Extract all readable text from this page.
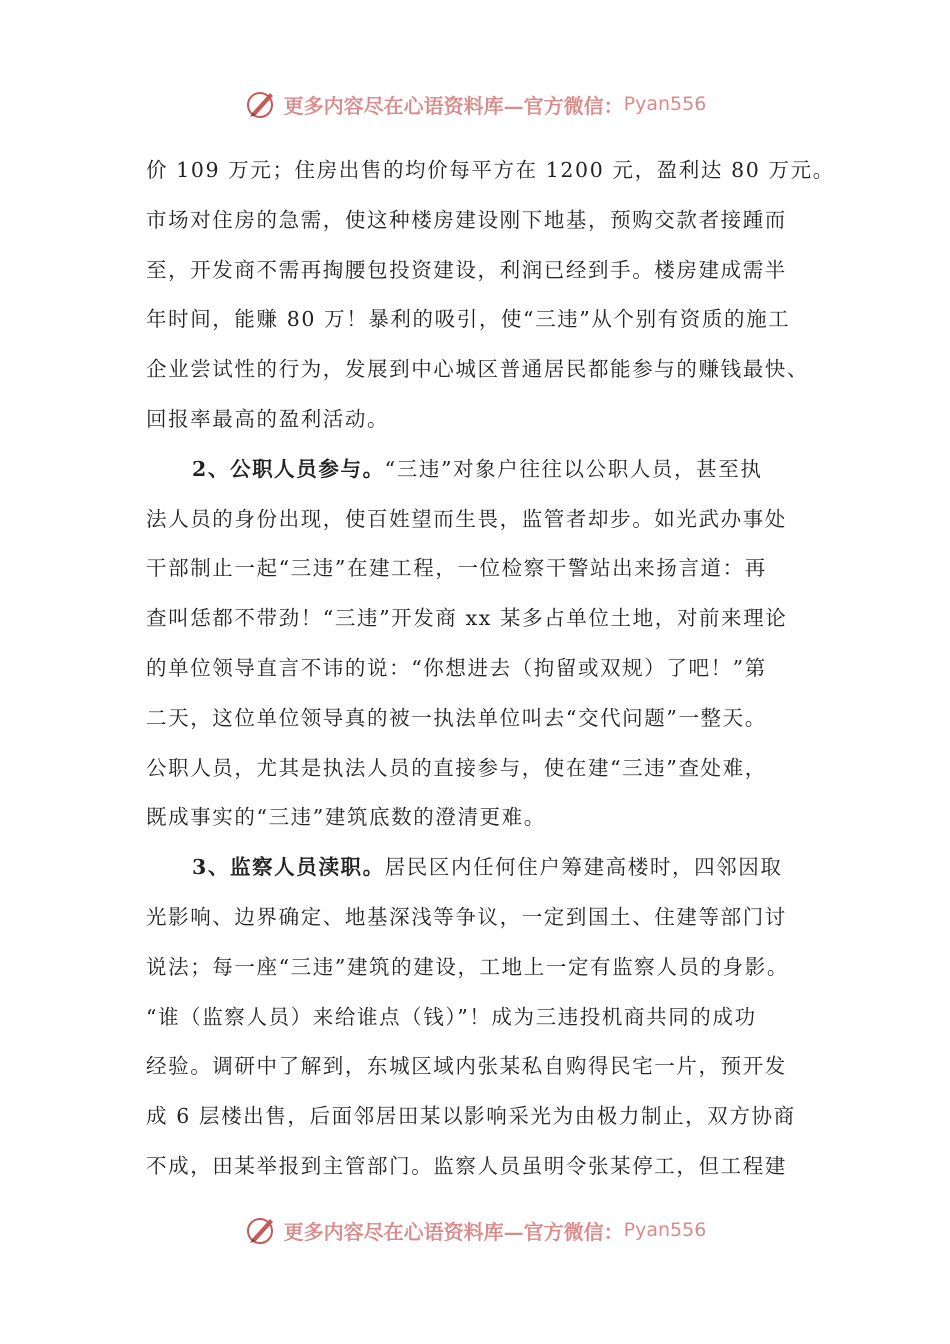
更多内容尽在心语资料库—官方微信： Pyan556
价 109 万元；住房出售的均价每平方在 1200 元，盈利达 80 万元。
市场对住房的急需，使这种楼房建设刚下地基，预购交款者接踵而
至，开发商不需再掏腰包投资建设，利润已经到手。楼房建成需半
年时间，能赚 80 万！暴利的吸引，使“三违”从个别有资质的施工
企业尝试性的行为，发展到中心城区普通居民都能参与的赚钱最快、
回报率最高的盈利活动。
2、公职人员参与。“三违”对象户往往以公职人员，甚至执
法人员的身份出现，使百姓望而生畏，监管者却步。如光武办事处
干部制止一起“三违”在建工程，一位检察干警站出来扬言道：再
查叫恁都不带劲！“三违”开发商 xx 某多占单位土地，对前来理论
的单位领导直言不讳的说：“你想进去（拘留或双规）了吧！”第
二天，这位单位领导真的被一执法单位叫去“交代问题”一整天。
公职人员，尤其是执法人员的直接参与，使在建“三违”查处难，
既成事实的“三违”建筑底数的澄清更难。
3、监察人员渎职。居民区内任何住户筹建高楼时，四邻因取
光影响、边界确定、地基深浅等争议，一定到国土、住建等部门讨
说法；每一座“三违”建筑的建设，工地上一定有监察人员的身影。
“谁（监察人员）来给谁点（钱）”！成为三违投机商共同的成功
经验。调研中了解到，东城区域内张某私自购得民宅一片，预开发
成 6 层楼出售，后面邻居田某以影响采光为由极力制止，双方协商
不成，田某举报到主管部门。监察人员虽明令张某停工，但工程建
更多内容尽在心语资料库—官方微信： Pyan556
